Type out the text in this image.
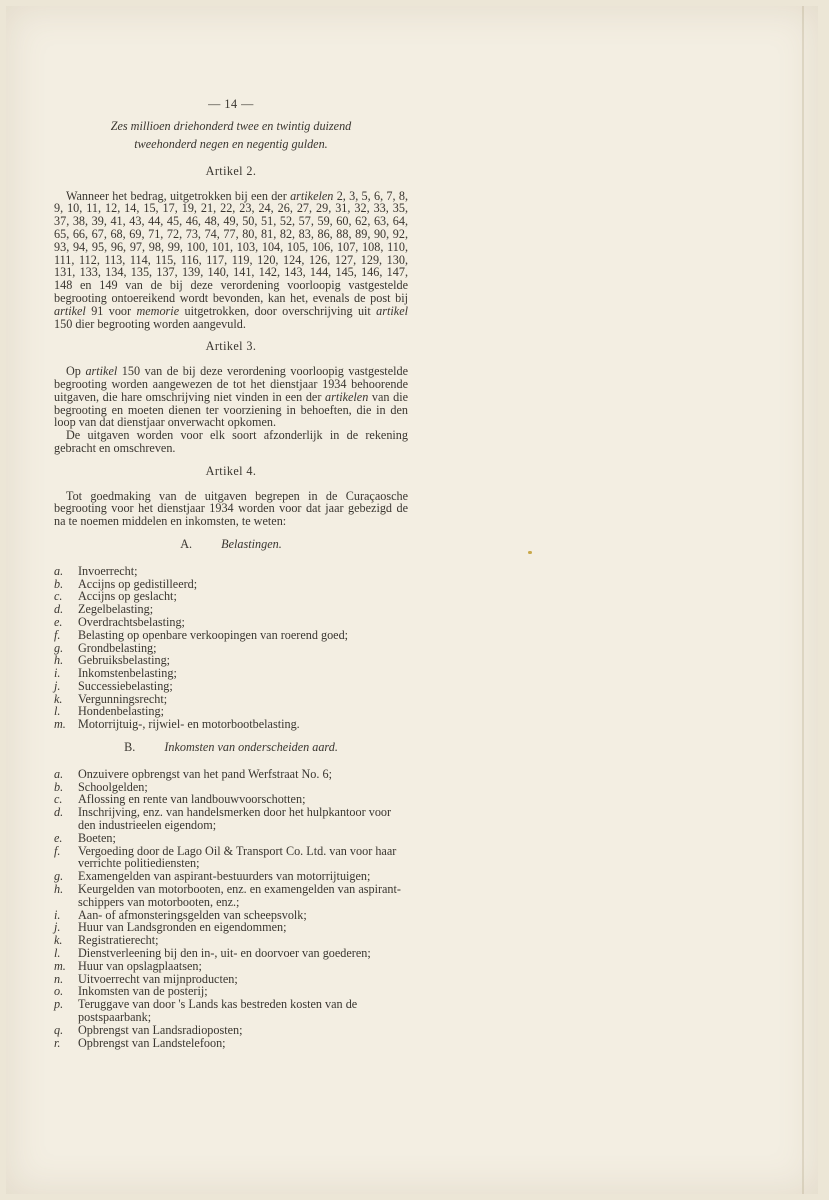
— 14 —
Zes millioen driehonderd twee en twintig duizend
tweehonderd negen en negentig gulden.
Artikel 2.

Wanneer het bedrag, uitgetrokken bij een der artikelen 2, 3, 5, 6, 7, 8, 9, 10, 11, 12, 14, 15, 17, 19, 21, 22, 23, 24, 26, 27, 29, 31, 32, 33, 35, 37, 38, 39, 41, 43, 44, 45, 46, 48, 49, 50, 51, 52, 57, 59, 60, 62, 63, 64, 65, 66, 67, 68, 69, 71, 72, 73, 74, 77, 80, 81, 82, 83, 86, 88, 89, 90, 92, 93, 94, 95, 96, 97, 98, 99, 100, 101, 103, 104, 105, 106, 107, 108, 110, 111, 112, 113, 114, 115, 116, 117, 119, 120, 124, 126, 127, 129, 130, 131, 133, 134, 135, 137, 139, 140, 141, 142, 143, 144, 145, 146, 147, 148 en 149 van de bij deze verordening voorloopig vastgestelde begrooting ontoereikend wordt bevonden, kan het, evenals de post bij artikel 91 voor memorie uitgetrokken, door overschrijving uit artikel 150 dier begrooting worden aangevuld.

Artikel 3.

Op artikel 150 van de bij deze verordening voorloopig vastgestelde begrooting worden aangewezen de tot het dienstjaar 1934 behoorende uitgaven, die hare omschrijving niet vinden in een der artikelen van die begrooting en moeten dienen ter voorziening in behoeften, die in den loop van dat dienstjaar onverwacht opkomen.

De uitgaven worden voor elk soort afzonderlijk in de rekening gebracht en omschreven.

Artikel 4.

Tot goedmaking van de uitgaven begrepen in de Curaçaosche begrooting voor het dienstjaar 1934 worden voor dat jaar gebezigd de na te noemen middelen en inkomsten, te weten:

A. Belastingen.
a.	Invoerrecht;
b.	Accijns op gedistilleerd;
c.	Accijns op geslacht;
d.	Zegelbelasting;
e.	Overdrachtsbelasting;
f.	Belasting op openbare verkoopingen van roerend goed;
g.	Grondbelasting;
h.	Gebruiksbelasting;
i.	Inkomstenbelasting;
j.	Successiebelasting;
k.	Vergunningsrecht;
l.	Hondenbelasting;
m. Motorrijtuig-, rijwiel- en motorbootbelasting.
B. Inkomsten van onderscheiden aard.
a.	Onzuivere opbrengst van het pand Werfstraat No. 6;
b.	Schoolgelden;
c.	Aflossing en rente van landbouwvoorschotten;
d.	Inschrijving, enz. van handelsmerken door het hulpkantoor voor den industrieelen eigendom;
e.	Boeten;
f.	Vergoeding door de Lago Oil & Transport Co. Ltd. van voor haar verrichte politiediensten;
g.	Examengelden van aspirant-bestuurders van motorrijtuigen;
h.	Keurgelden van motorbooten, enz. en examengelden van aspirant-schippers van motorbooten, enz.;
i.	Aan- of afmonsteringsgelden van scheepsvolk;
j.	Huur van Landsgronden en eigendommen;
k.	Registratierecht;
l.	Dienstverleening bij den in-, uit- en doorvoer van goederen;
m. Huur van opslagplaatsen;
n.	Uitvoerrecht van mijnproducten;
o.	Inkomsten van de posterij;
p.	Teruggave van door 's Lands kas bestreden kosten van de postspaarbank;
q.	Opbrengst van Landsradioposten;
r.	Opbrengst van Landstelefoon;
